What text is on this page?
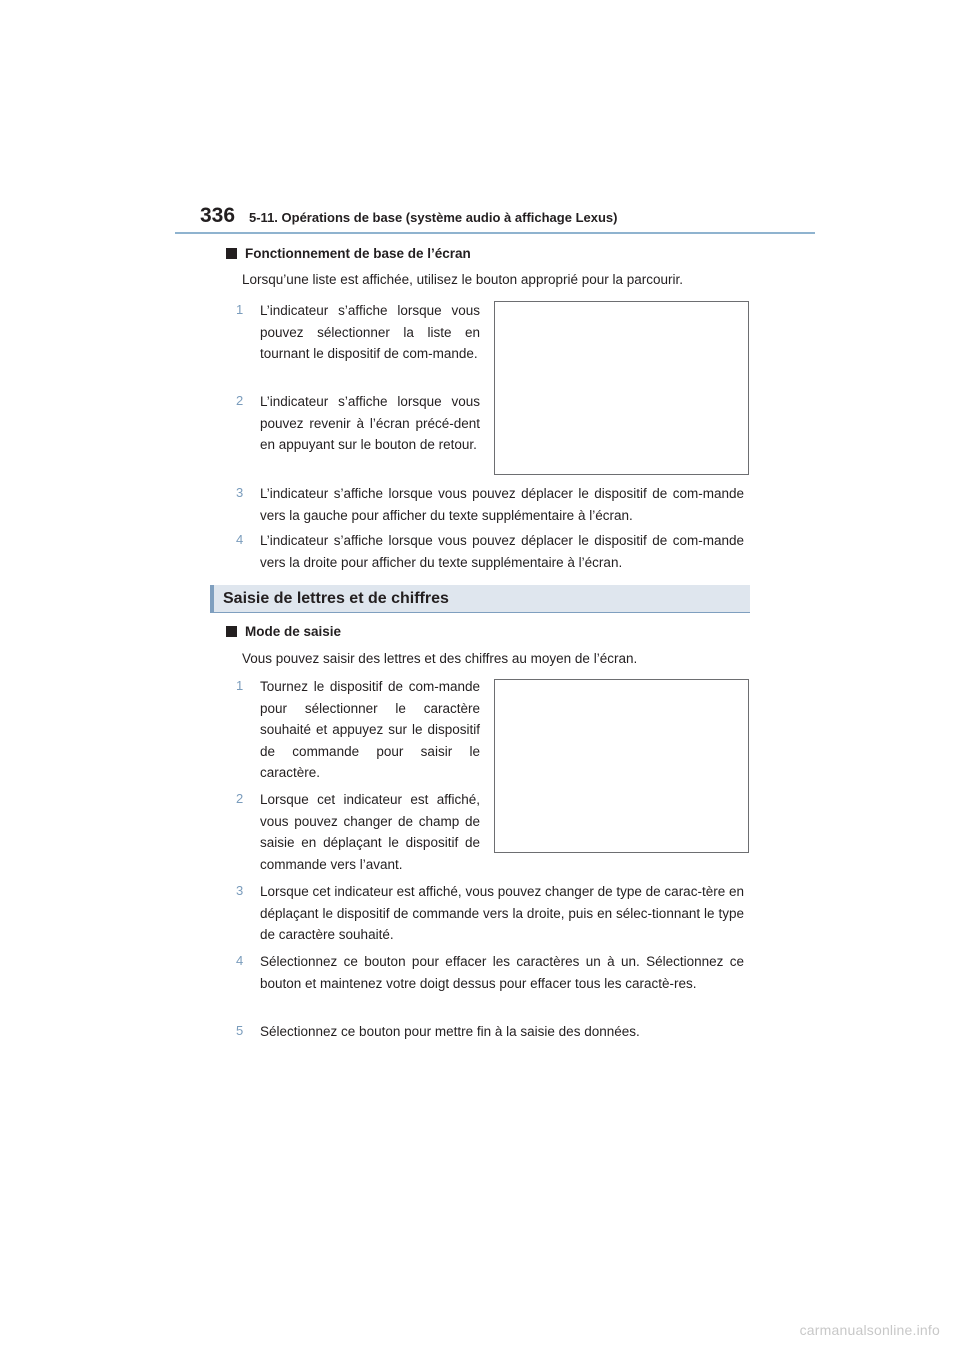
336 5-11. Opérations de base (système audio à affichage Lexus)
Fonctionnement de base de l’écran
Lorsqu’une liste est affichée, utilisez le bouton approprié pour la parcourir.
1	L’indicateur s’affiche lorsque vous pouvez sélectionner la liste en tournant le dispositif de com-mande.
2	L’indicateur s’affiche lorsque vous pouvez revenir à l’écran précé-dent en appuyant sur le bouton de retour.
3	L’indicateur s’affiche lorsque vous pouvez déplacer le dispositif de com-mande vers la gauche pour afficher du texte supplémentaire à l’écran.
4	L’indicateur s’affiche lorsque vous pouvez déplacer le dispositif de com-mande vers la droite pour afficher du texte supplémentaire à l’écran.
Saisie de lettres et de chiffres
Mode de saisie
Vous pouvez saisir des lettres et des chiffres au moyen de l’écran.
1	Tournez le dispositif de com-mande pour sélectionner le caractère souhaité et appuyez sur le dispositif de commande pour saisir le caractère.
2	Lorsque cet indicateur est affiché, vous pouvez changer de champ de saisie en déplaçant le dispositif de commande vers l’avant.
3	Lorsque cet indicateur est affiché, vous pouvez changer de type de carac-tère en déplaçant le dispositif de commande vers la droite, puis en sélec-tionnant le type de caractère souhaité.
4	Sélectionnez ce bouton pour effacer les caractères un à un. Sélectionnez ce bouton et maintenez votre doigt dessus pour effacer tous les caractè-res.
5	Sélectionnez ce bouton pour mettre fin à la saisie des données.
carmanualsonline.info
